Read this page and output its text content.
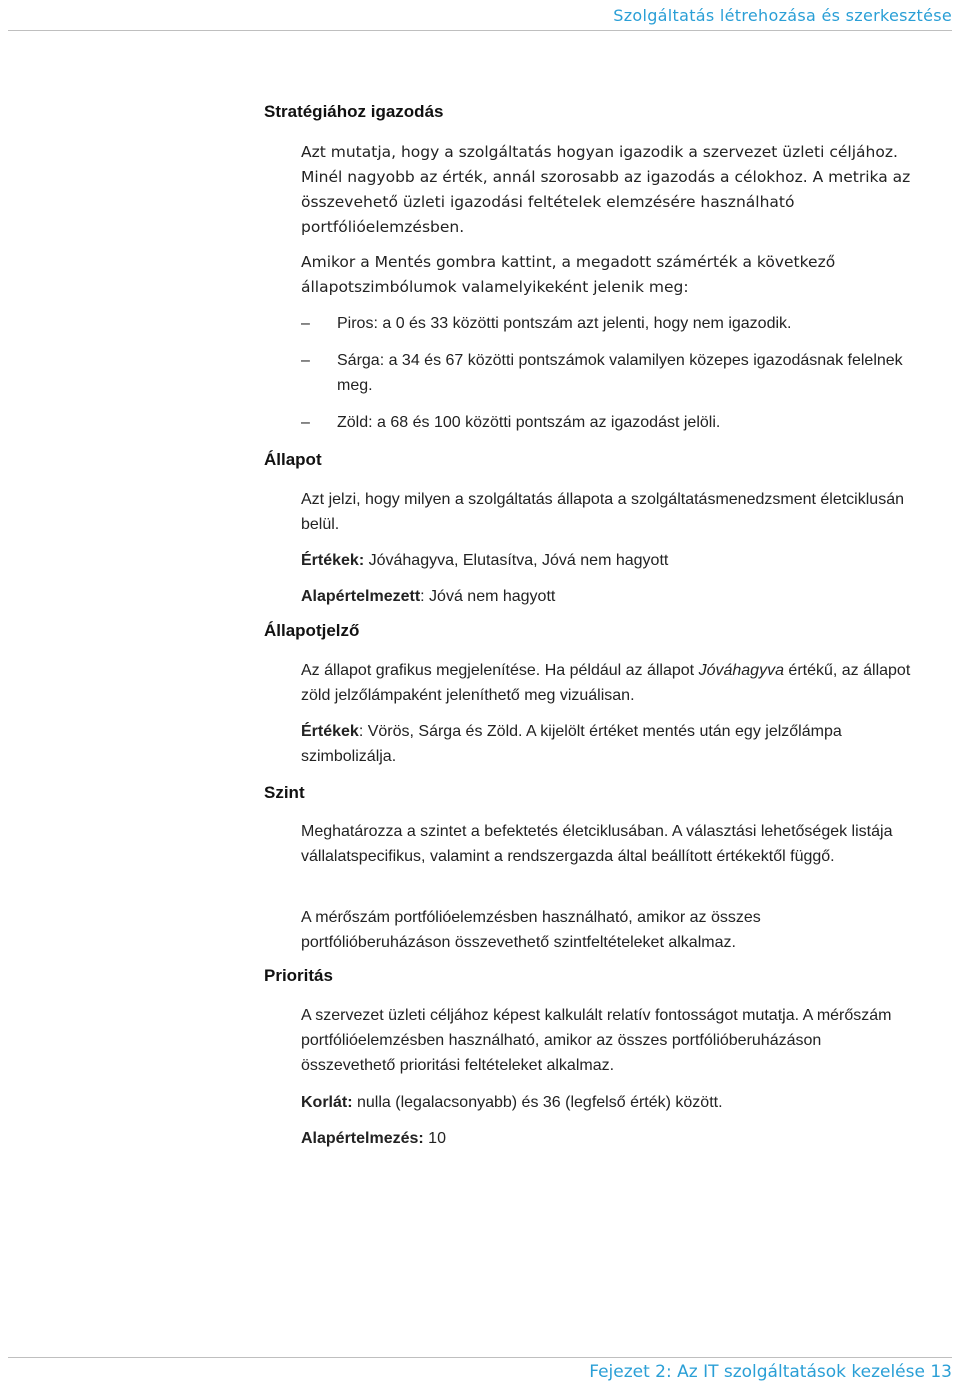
Szolgáltatás létrehozása és szerkesztése
Stratégiához igazodás
Azt mutatja, hogy a szolgáltatás hogyan igazodik a szervezet üzleti céljához. Minél nagyobb az érték, annál szorosabb az igazodás a célokhoz. A metrika az összevehető üzleti igazodási feltételek elemzésére használható portfólióelemzésben.
Amikor a Mentés gombra kattint, a megadott számérték a következő állapotszimbólumok valamelyikeként jelenik meg:
–	Piros: a 0 és 33 közötti pontszám azt jelenti, hogy nem igazodik.
–	Sárga: a 34 és 67 közötti pontszámok valamilyen közepes igazodásnak felelnek meg.
–	Zöld: a 68 és 100 közötti pontszám az igazodást jelöli.
Állapot
Azt jelzi, hogy milyen a szolgáltatás állapota a szolgáltatásmenedzsment életciklusán belül.
Értékek: Jóváhagyva, Elutasítva, Jóvá nem hagyott
Alapértelmezett: Jóvá nem hagyott
Állapotjelző
Az állapot grafikus megjelenítése. Ha például az állapot Jóváhagyva értékű, az állapot zöld jelzőlámpaként jeleníthető meg vizuálisan.
Értékek: Vörös, Sárga és Zöld. A kijelölt értéket mentés után egy jelzőlámpa szimbolizálja.
Szint
Meghatározza a szintet a befektetés életciklusában. A választási lehetőségek listája vállalatspecifikus, valamint a rendszergazda által beállított értékektől függő.
A mérőszám portfólióelemzésben használható, amikor az összes portfólióberuházáson összevethető szintfeltételeket alkalmaz.
Prioritás
A szervezet üzleti céljához képest kalkulált relatív fontosságot mutatja. A mérőszám portfólióelemzésben használható, amikor az összes portfólióberuházáson összevethető prioritási feltételeket alkalmaz.
Korlát: nulla (legalacsonyabb) és 36 (legfelső érték) között.
Alapértelmezés: 10
Fejezet 2: Az IT szolgáltatások kezelése 13
